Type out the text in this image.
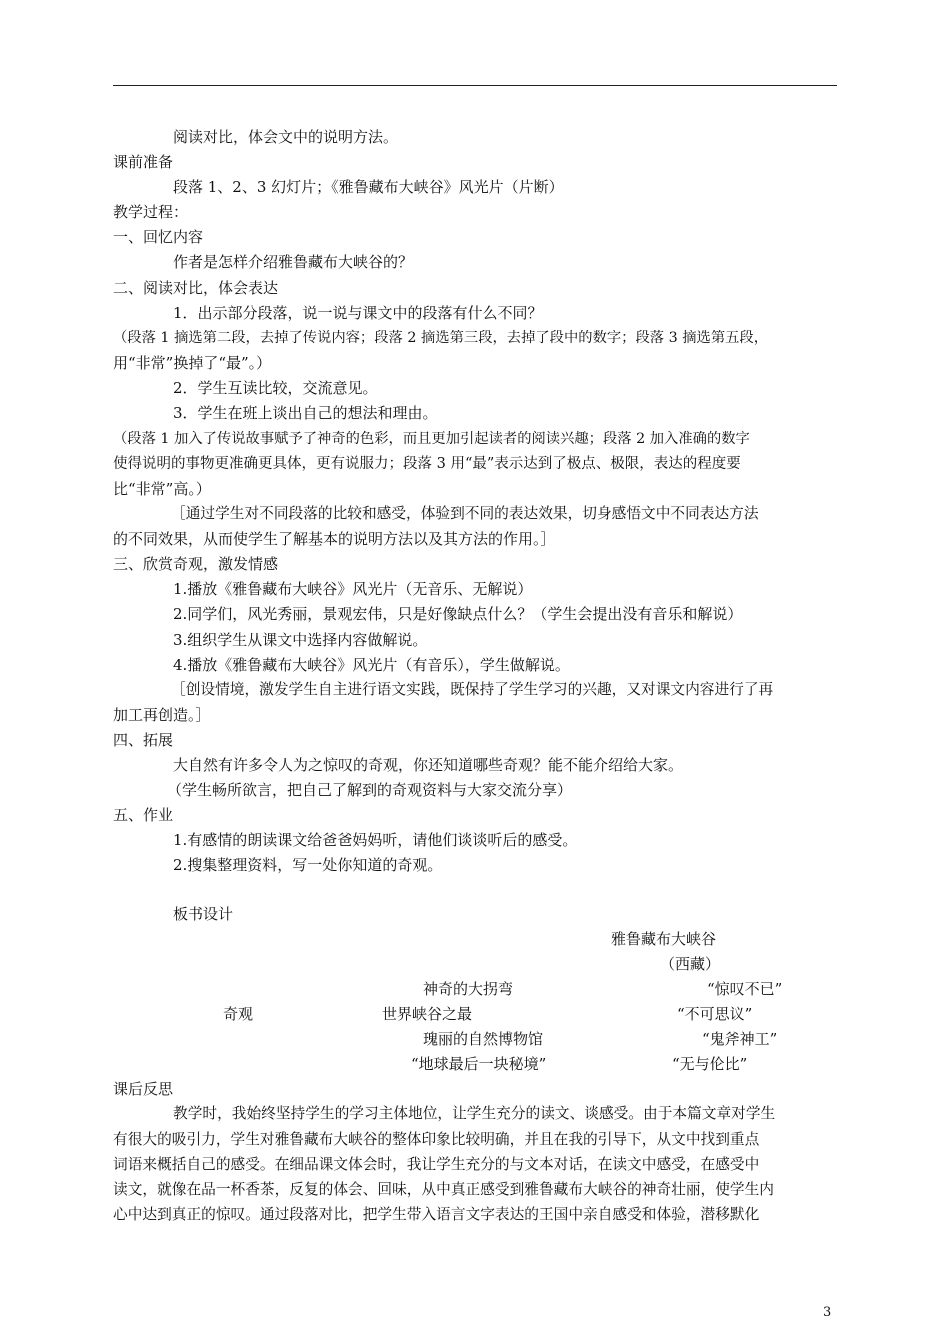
阅读对比，体会文中的说明方法。
课前准备
段落 1、2、3 幻灯片；《雅鲁藏布大峡谷》风光片（片断）
教学过程：
一、回忆内容
作者是怎样介绍雅鲁藏布大峡谷的？
二、阅读对比，体会表达
1．出示部分段落，说一说与课文中的段落有什么不同？
（段落 1 摘选第二段，去掉了传说内容；段落 2 摘选第三段，去掉了段中的数字；段落 3 摘选第五段，
用“非常”换掉了“最”。）
2．学生互读比较，交流意见。
3．学生在班上谈出自己的想法和理由。
（段落 1 加入了传说故事赋予了神奇的色彩，而且更加引起读者的阅读兴趣；段落 2 加入准确的数字
使得说明的事物更准确更具体，更有说服力；段落 3 用“最”表示达到了极点、极限，表达的程度要
比“非常”高。）
［通过学生对不同段落的比较和感受，体验到不同的表达效果，切身感悟文中不同表达方法
的不同效果，从而使学生了解基本的说明方法以及其方法的作用。］
三、欣赏奇观，激发情感
1.播放《雅鲁藏布大峡谷》风光片（无音乐、无解说）
2.同学们，风光秀丽，景观宏伟，只是好像缺点什么？（学生会提出没有音乐和解说）
3.组织学生从课文中选择内容做解说。
4.播放《雅鲁藏布大峡谷》风光片（有音乐），学生做解说。
［创设情境，激发学生自主进行语文实践，既保持了学生学习的兴趣，又对课文内容进行了再
加工再创造。］
四、拓展
大自然有许多令人为之惊叹的奇观，你还知道哪些奇观？能不能介绍给大家。
（学生畅所欲言，把自己了解到的奇观资料与大家交流分享）
五、作业
1.有感情的朗读课文给爸爸妈妈听，请他们谈谈听后的感受。
2.搜集整理资料，写一处你知道的奇观。
板书设计
雅鲁藏布大峡谷
（西藏）
神奇的大拐弯	“惊叹不已”
奇观	世界峡谷之最	“不可思议”
瑰丽的自然博物馆	“鬼斧神工”
“地球最后一块秘境”	“无与伦比”
课后反思
教学时，我始终坚持学生的学习主体地位，让学生充分的读文、谈感受。由于本篇文章对学生
有很大的吸引力，学生对雅鲁藏布大峡谷的整体印象比较明确，并且在我的引导下，从文中找到重点
词语来概括自己的感受。在细品课文体会时，我让学生充分的与文本对话，在读文中感受，在感受中
读文，就像在品一杯香茶，反复的体会、回味，从中真正感受到雅鲁藏布大峡谷的神奇壮丽，使学生内
心中达到真正的惊叹。通过段落对比，把学生带入语言文字表达的王国中亲自感受和体验，潜移默化
3
